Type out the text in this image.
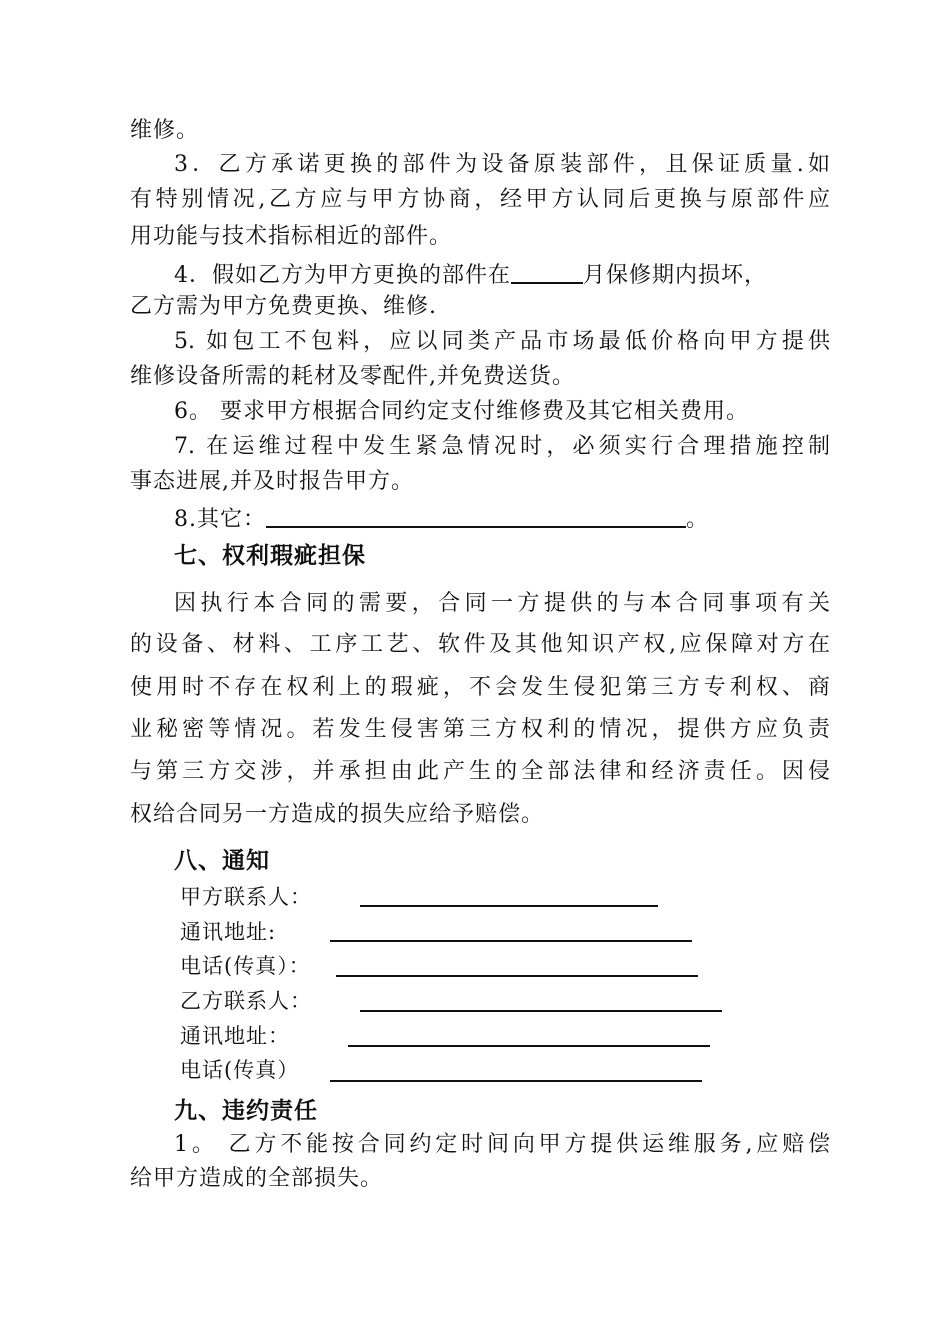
维修。
3．乙方承诺更换的部件为设备原装部件，且保证质量.如
有特别情况,乙方应与甲方协商，经甲方认同后更换与原部件应
用功能与技术指标相近的部件。
4．假如乙方为甲方更换的部件在	月保修期内损坏，
乙方需为甲方免费更换、维修.
5. 如包工不包料，应以同类产品市场最低价格向甲方提供
维修设备所需的耗材及零配件,并免费送货。
6。 要求甲方根据合同约定支付维修费及其它相关费用。
7. 在运维过程中发生紧急情况时，必须实行合理措施控制
事态进展,并及时报告甲方。
8.其它：	。
七、权利瑕疵担保
因执行本合同的需要，合同一方提供的与本合同事项有关
的设备、材料、工序工艺、软件及其他知识产权,应保障对方在
使用时不存在权利上的瑕疵，不会发生侵犯第三方专利权、商
业秘密等情况。若发生侵害第三方权利的情况，提供方应负责
与第三方交涉，并承担由此产生的全部法律和经济责任。因侵
权给合同另一方造成的损失应给予赔偿。
八、通知
甲方联系人：
通讯地址:
电话(传真）：
乙方联系人：
通讯地址：
电话(传真）
九、违约责任
1。 乙方不能按合同约定时间向甲方提供运维服务,应赔偿
给甲方造成的全部损失。
